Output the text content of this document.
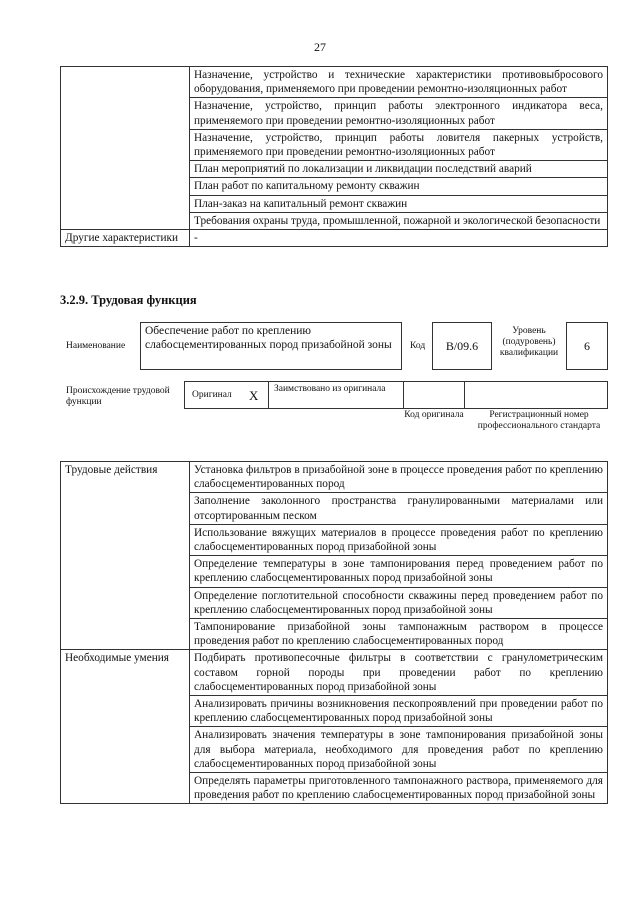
27
	Назначение, устройство и технические характеристики противовыбросового оборудования, применяемого при проведении ремонтно-изоляционных работ
	Назначение, устройство, принцип работы электронного индикатора веса, применяемого при проведении ремонтно-изоляционных работ
	Назначение, устройство, принцип работы ловителя пакерных устройств, применяемого при проведении ремонтно-изоляционных работ
	План мероприятий по локализации и ликвидации последствий аварий
	План работ по капитальному ремонту скважин
	План-заказ на капитальный ремонт скважин
	Требования охраны труда, промышленной, пожарной и экологической безопасности
Другие характеристики	-
3.2.9. Трудовая функция
Наименование
Обеспечение работ по креплению слабосцементированных пород призабойной зоны	Код B/09.6
Уровень (подуровень) квалификации
6
Происхождение трудовой функции
Оригинал X Заимствовано из оригинала
Код оригинала	Регистрационный номер профессионального стандарта
Трудовые действия	Установка фильтров в призабойной зоне в процессе проведения работ по креплению слабосцементированных пород
	Заполнение заколонного пространства гранулированными материалами или отсортированным песком
	Использование вяжущих материалов в процессе проведения работ по креплению слабосцементированных пород призабойной зоны
	Определение температуры в зоне тампонирования перед проведением работ по креплению слабосцементированных пород призабойной зоны
	Определение поглотительной способности скважины перед проведением работ по креплению слабосцементированных пород призабойной зоны
	Тампонирование призабойной зоны тампонажным раствором в процессе проведения работ по креплению слабосцементированных пород
Необходимые умения	Подбирать противопесочные фильтры в соответствии с гранулометрическим составом горной породы при проведении работ по креплению слабосцементированных пород призабойной зоны
	Анализировать причины возникновения пескопроявлений при проведении работ по креплению слабосцементированных пород призабойной зоны
	Анализировать значения температуры в зоне тампонирования призабойной зоны для выбора материала, необходимого для проведения работ по креплению слабосцементированных пород призабойной зоны
	Определять параметры приготовленного тампонажного раствора, применяемого для проведения работ по креплению слабосцементированных пород призабойной зоны
